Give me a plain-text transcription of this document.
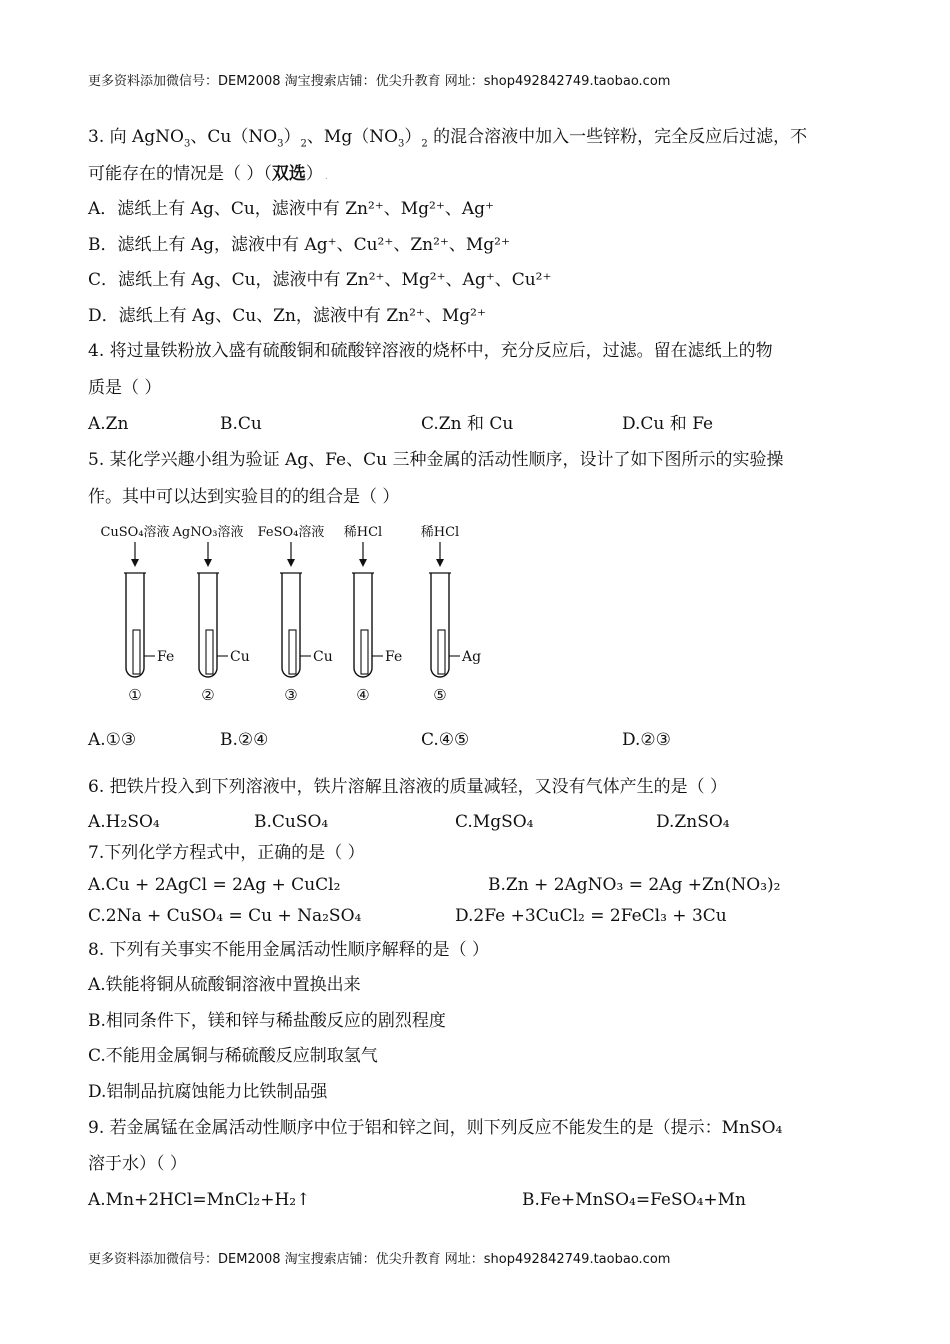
更多资料添加微信号：DEM2008 淘宝搜索店铺：优尖升教育 网址：shop492842749.taobao.com
3. 向 AgNO$_3$、$Cu(NO_3)_2$、$Mg(NO_3)_2$ 的混合溶液中加入一些锌粉，完全反应后过滤，不
可能存在的情况是（ ）（双选） .
A．滤纸上有 Ag、Cu，滤液中有 Zn²⁺、Mg²⁺、Ag⁺
B．滤纸上有 Ag，滤液中有 Ag⁺、Cu²⁺、Zn²⁺、Mg²⁺
C．滤纸上有 Ag、Cu，滤液中有 Zn²⁺、Mg²⁺、Ag⁺、Cu²⁺
D．滤纸上有 Ag、Cu、Zn，滤液中有 Zn²⁺、Mg²⁺
4. 将过量铁粉放入盛有硫酸铜和硫酸锌溶液的烧杯中，充分反应后，过滤。留在滤纸上的物
质是（ ）
A.Zn	B.Cu	C.Zn 和 Cu	D.Cu 和 Fe
5. 某化学兴趣小组为验证 Ag、Fe、Cu 三种金属的活动性顺序，设计了如下图所示的实验操
作。其中可以达到实验目的的组合是（ ）
CuSO₄溶液
Fe
①
AgNO₃溶液
Cu
②
FeSO₄溶液
Cu
③
稀HCl
Fe
④
稀HCl
Ag
⑤
A.①③	B.②④	C.④⑤	D.②③
6. 把铁片投入到下列溶液中，铁片溶解且溶液的质量减轻，又没有气体产生的是（ ）
A.H₂SO₄	B.CuSO₄	C.MgSO₄	D.ZnSO₄
7.下列化学方程式中，正确的是（ ）
A.Cu + 2AgCl = 2Ag + CuCl₂	B.Zn + 2AgNO₃ = 2Ag +Zn(NO₃)₂
C.2Na + CuSO₄ = Cu + Na₂SO₄	D.2Fe +3CuCl₂ = 2FeCl₃ + 3Cu
8. 下列有关事实不能用金属活动性顺序解释的是（ ）
A.铁能将铜从硫酸铜溶液中置换出来
B.相同条件下，镁和锌与稀盐酸反应的剧烈程度
C.不能用金属铜与稀硫酸反应制取氢气
D.铝制品抗腐蚀能力比铁制品强
9. 若金属锰在金属活动性顺序中位于铝和锌之间，则下列反应不能发生的是（提示：MnSO₄
溶于水）（ ）
A.Mn+2HCl=MnCl₂+H₂↑	B.Fe+MnSO₄=FeSO₄+Mn
更多资料添加微信号：DEM2008 淘宝搜索店铺：优尖升教育 网址：shop492842749.taobao.com
